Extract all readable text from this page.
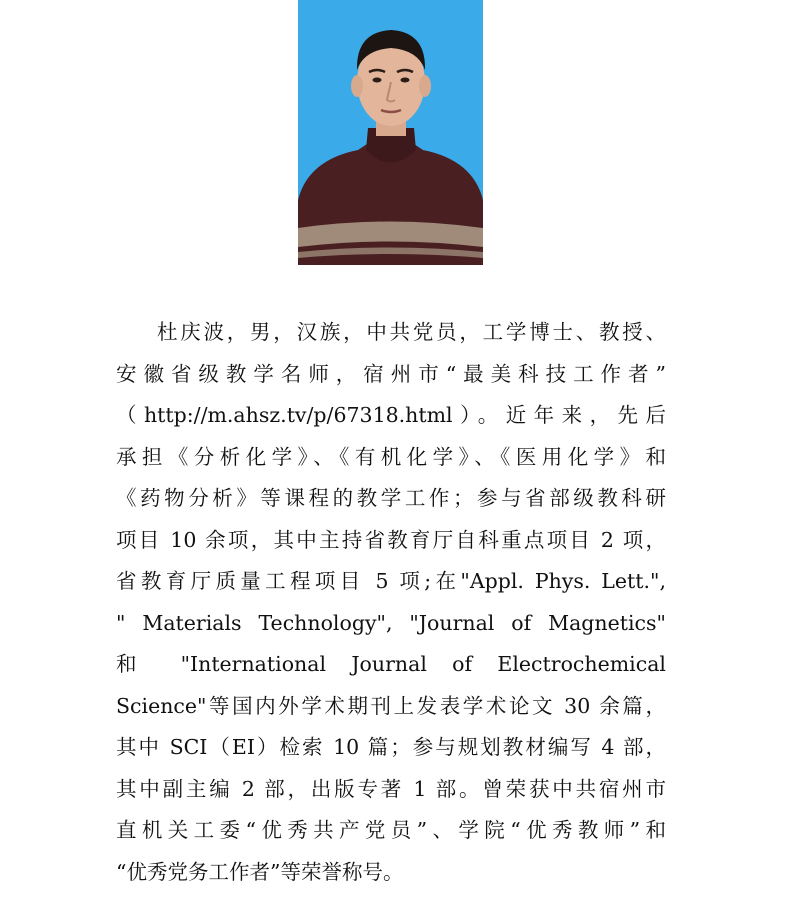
杜庆波，男，汉族，中共党员，工学博士、教授、
安徽省级教学名师，宿州市“最美科技工作者”
（http://m.ahsz.tv/p/67318.html）。近年来，先后
承担《分析化学》、《有机化学》、《医用化学》和
《药物分析》等课程的教学工作；参与省部级教科研
项目 10 余项，其中主持省教育厅自科重点项目 2 项，
省教育厅质量工程项目 5 项;在"Appl. Phys. Lett.",
" Materials Technology", "Journal of Magnetics"
和 "International Journal of Electrochemical
Science"等国内外学术期刊上发表学术论文 30 余篇，
其中 SCI（EI）检索 10 篇；参与规划教材编写 4 部，
其中副主编 2 部，出版专著 1 部。曾荣获中共宿州市
直机关工委“优秀共产党员”、学院“优秀教师”和
“优秀党务工作者”等荣誉称号。
